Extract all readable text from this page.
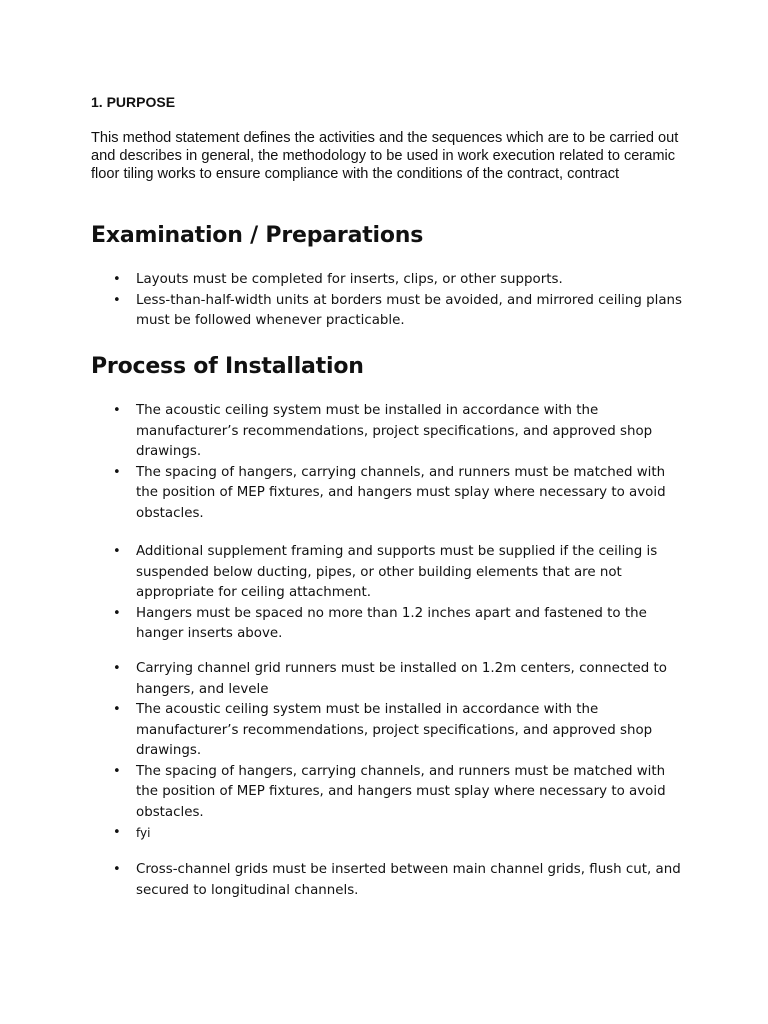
1. PURPOSE

This method statement defines the activities and the sequences which are to be carried out and describes in general, the methodology to be used in work execution related to ceramic floor tiling works to ensure compliance with the conditions of the contract, contract

Examination / Preparations
• Layouts must be completed for inserts, clips, or other supports.
• Less-than-half-width units at borders must be avoided, and mirrored ceiling plans must be followed whenever practicable.
Process of Installation
• The acoustic ceiling system must be installed in accordance with the manufacturer’s recommendations, project specifications, and approved shop drawings.
• The spacing of hangers, carrying channels, and runners must be matched with the position of MEP fixtures, and hangers must splay where necessary to avoid obstacles.
• Additional supplement framing and supports must be supplied if the ceiling is suspended below ducting, pipes, or other building elements that are not appropriate for ceiling attachment.
• Hangers must be spaced no more than 1.2 inches apart and fastened to the hanger inserts above.
• Carrying channel grid runners must be installed on 1.2m centers, connected to hangers, and levele
• The acoustic ceiling system must be installed in accordance with the manufacturer’s recommendations, project specifications, and approved shop drawings.
• The spacing of hangers, carrying channels, and runners must be matched with the position of MEP fixtures, and hangers must splay where necessary to avoid obstacles.
• fyi
• Cross-channel grids must be inserted between main channel grids, flush cut, and secured to longitudinal channels.
